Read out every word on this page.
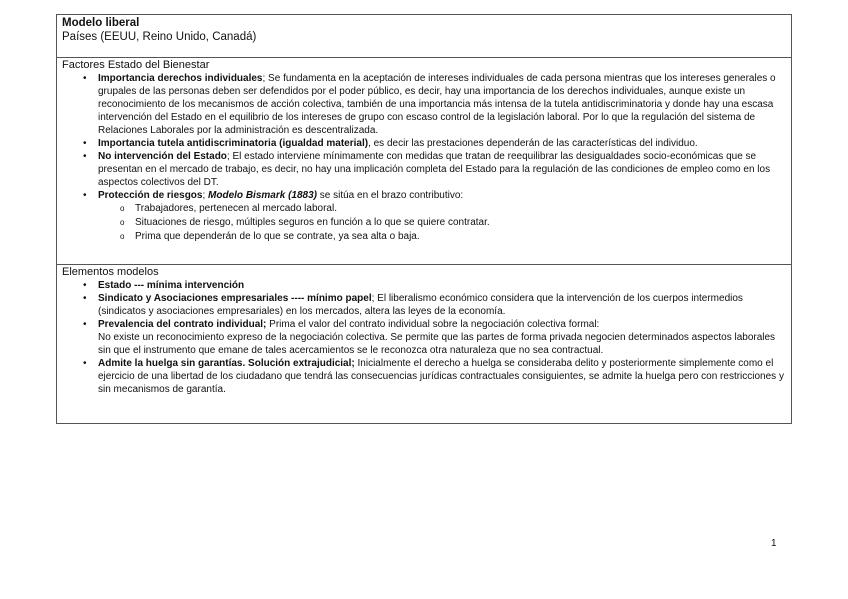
Modelo liberal
Países (EEUU, Reino Unido, Canadá)
Factores Estado del Bienestar
• Importancia derechos individuales; Se fundamenta en la aceptación de intereses individuales de cada persona mientras que los intereses generales o grupales de las personas deben ser defendidos por el poder público, es decir, hay una importancia de los derechos individuales, aunque existe un reconocimiento de los mecanismos de acción colectiva, también de una importancia más intensa de la tutela antidiscriminatoria y donde hay una escasa intervención del Estado en el equilibrio de los intereses de grupo con escaso control de la legislación laboral. Por lo que la regulación del sistema de Relaciones Laborales por la administración es descentralizada.
• Importancia tutela antidiscriminatoria (igualdad material), es decir las prestaciones dependerán de las características del individuo.
• No intervención del Estado; El estado interviene mínimamente con medidas que tratan de reequilibrar las desigualdades socio-económicas que se presentan en el mercado de trabajo, es decir, no hay una implicación completa del Estado para la regulación de las condiciones de empleo como en los aspectos colectivos del DT.
• Protección de riesgos; Modelo Bismark (1883) se sitúa en el brazo contributivo:
o Trabajadores, pertenecen al mercado laboral.
o Situaciones de riesgo, múltiples seguros en función a lo que se quiere contratar.
o Prima que dependerán de lo que se contrate, ya sea alta o baja.
Elementos modelos
• Estado --- mínima intervención
• Sindicato y Asociaciones empresariales ---- mínimo papel; El liberalismo económico considera que la intervención de los cuerpos intermedios (sindicatos y asociaciones empresariales) en los mercados, altera las leyes de la economía.
• Prevalencia del contrato individual; Prima el valor del contrato individual sobre la negociación colectiva formal:
No existe un reconocimiento expreso de la negociación colectiva. Se permite que las partes de forma privada negocien determinados aspectos laborales sin que el instrumento que emane de tales acercamientos se le reconozca otra naturaleza que no sea contractual.
• Admite la huelga sin garantías. Solución extrajudicial; Inicialmente el derecho a huelga se consideraba delito y posteriormente simplemente como el ejercicio de una libertad de los ciudadano que tendrá las consecuencias jurídicas contractuales consiguientes, se admite la huelga pero con restricciones y sin mecanismos de garantía.
1
